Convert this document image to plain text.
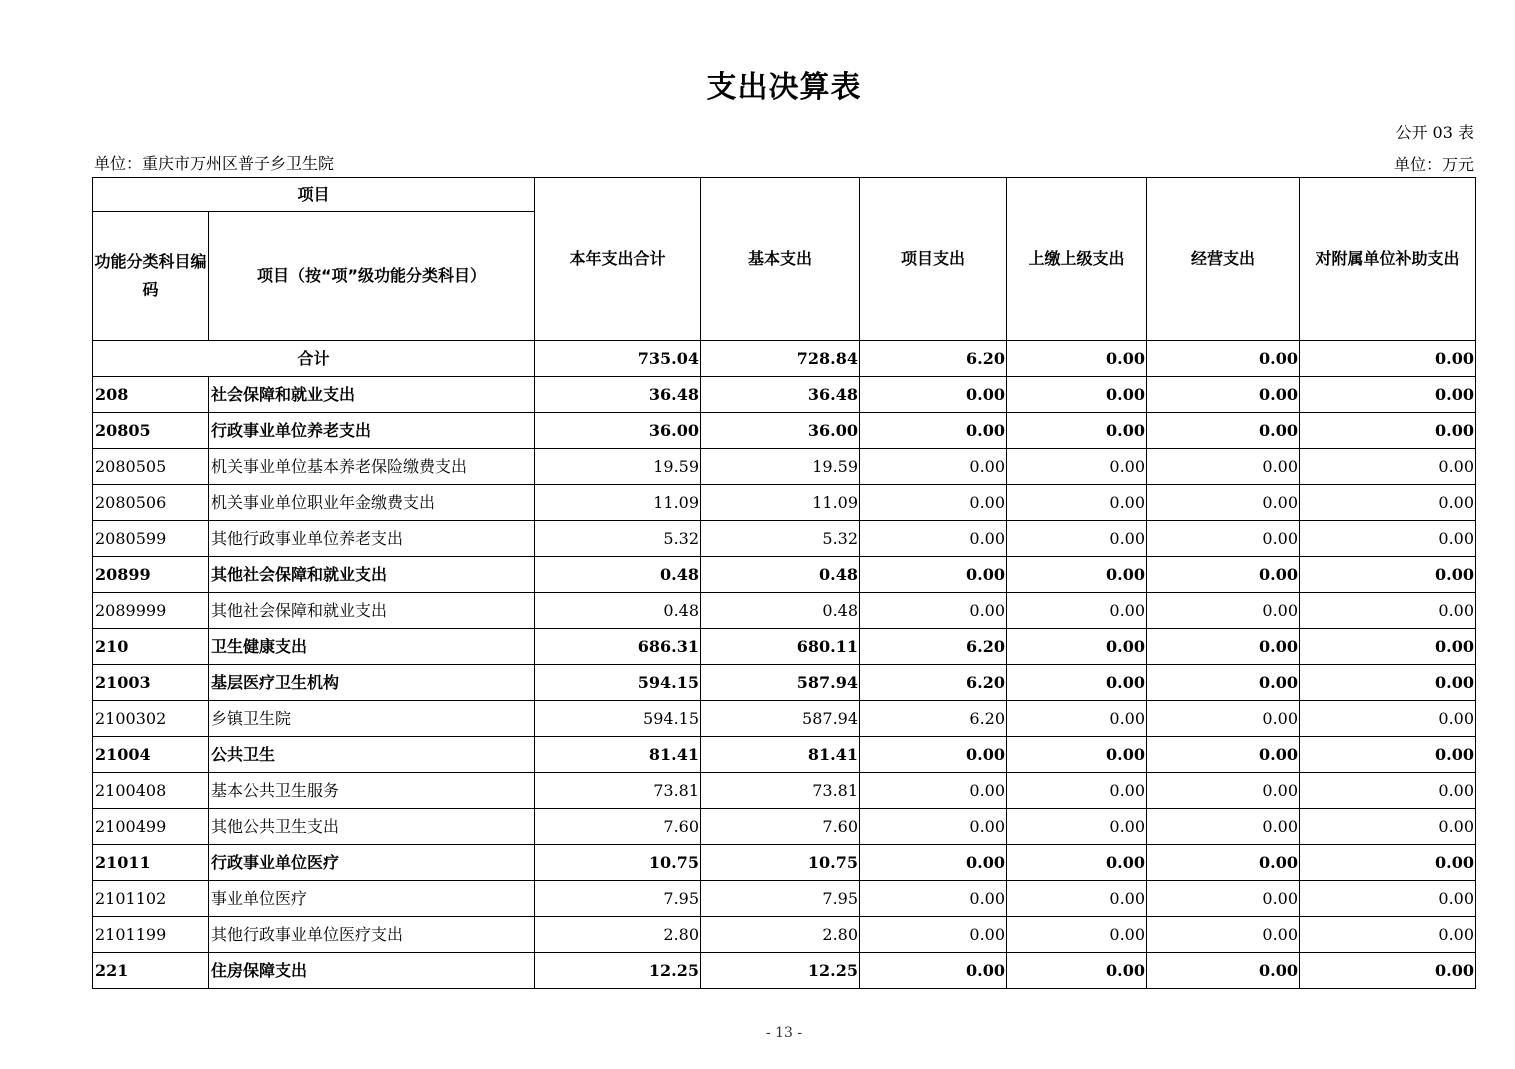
支出决算表
公开 03 表
单位：重庆市万州区普子乡卫生院	单位：万元
项目		本年支出合计	基本支出	项目支出	上缴上级支出	经营支出	对附属单位补助支出
功能分类科目编码	项目（按“项”级功能分类科目）						
合计		735.04	728.84	6.20	0.00	0.00	0.00
208	社会保障和就业支出	36.48	36.48	0.00	0.00	0.00	0.00
20805	行政事业单位养老支出	36.00	36.00	0.00	0.00	0.00	0.00
2080505	机关事业单位基本养老保险缴费支出	19.59	19.59	0.00	0.00	0.00	0.00
2080506	机关事业单位职业年金缴费支出	11.09	11.09	0.00	0.00	0.00	0.00
2080599	其他行政事业单位养老支出	5.32	5.32	0.00	0.00	0.00	0.00
20899	其他社会保障和就业支出	0.48	0.48	0.00	0.00	0.00	0.00
2089999	其他社会保障和就业支出	0.48	0.48	0.00	0.00	0.00	0.00
210	卫生健康支出	686.31	680.11	6.20	0.00	0.00	0.00
21003	基层医疗卫生机构	594.15	587.94	6.20	0.00	0.00	0.00
2100302	乡镇卫生院	594.15	587.94	6.20	0.00	0.00	0.00
21004	公共卫生	81.41	81.41	0.00	0.00	0.00	0.00
2100408	基本公共卫生服务	73.81	73.81	0.00	0.00	0.00	0.00
2100499	其他公共卫生支出	7.60	7.60	0.00	0.00	0.00	0.00
21011	行政事业单位医疗	10.75	10.75	0.00	0.00	0.00	0.00
2101102	事业单位医疗	7.95	7.95	0.00	0.00	0.00	0.00
2101199	其他行政事业单位医疗支出	2.80	2.80	0.00	0.00	0.00	0.00
221	住房保障支出	12.25	12.25	0.00	0.00	0.00	0.00
- 13 -
